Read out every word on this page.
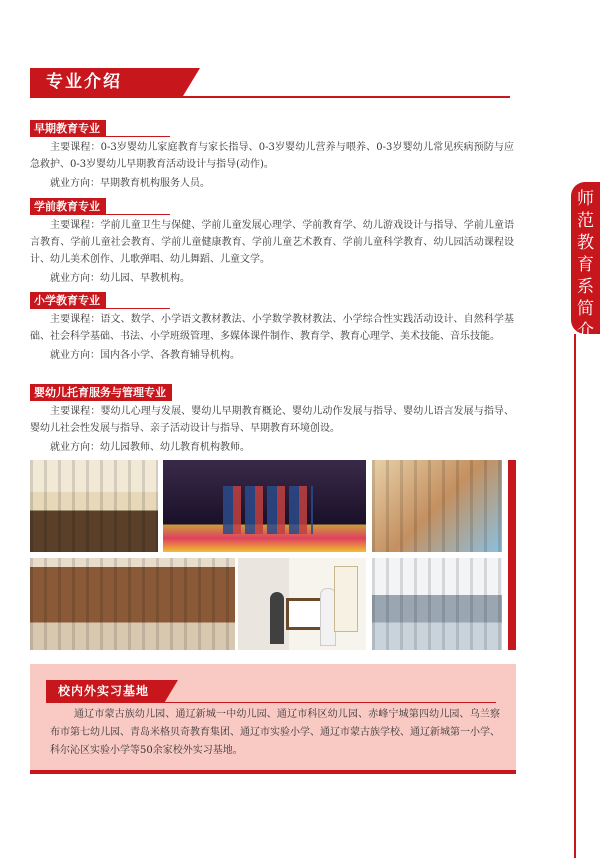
专业介绍
师
范
教
育
系
简
介
早期教育专业

主要课程：0-3岁婴幼儿家庭教育与家长指导、0-3岁婴幼儿营养与喂养、0-3岁婴幼儿常见疾病预防与应急救护、0-3岁婴幼儿早期教育活动设计与指导(动作)。

就业方向：早期教育机构服务人员。

学前教育专业

主要课程：学前儿童卫生与保健、学前儿童发展心理学、学前教育学、幼儿游戏设计与指导、学前儿童语言教育、学前儿童社会教育、学前儿童健康教育、学前儿童艺术教育、学前儿童科学教育、幼儿园活动课程设计、幼儿美术创作、儿歌弹唱、幼儿舞蹈、儿童文学。

就业方向：幼儿园、早教机构。

小学教育专业

主要课程：语文、数学、小学语文教材教法、小学数学教材教法、小学综合性实践活动设计、自然科学基础、社会科学基础、书法、小学班级管理、多媒体课件制作、教育学、教育心理学、美术技能、音乐技能。

就业方向：国内各小学、各教育辅导机构。

婴幼儿托育服务与管理专业

主要课程：婴幼儿心理与发展、婴幼儿早期教育概论、婴幼儿动作发展与指导、婴幼儿语言发展与指导、婴幼儿社会性发展与指导、亲子活动设计与指导、早期教育环境创设。

就业方向：幼儿园教师、幼儿教育机构教师。

校内外实习基地
通辽市蒙古族幼儿园、通辽新城一中幼儿园、通辽市科区幼儿园、赤峰宁城第四幼儿园、乌兰察布市第七幼儿园、青岛米格贝奇教育集团、通辽市实验小学、通辽市蒙古族学校、通辽新城第一小学、科尔沁区实验小学等50余家校外实习基地。
